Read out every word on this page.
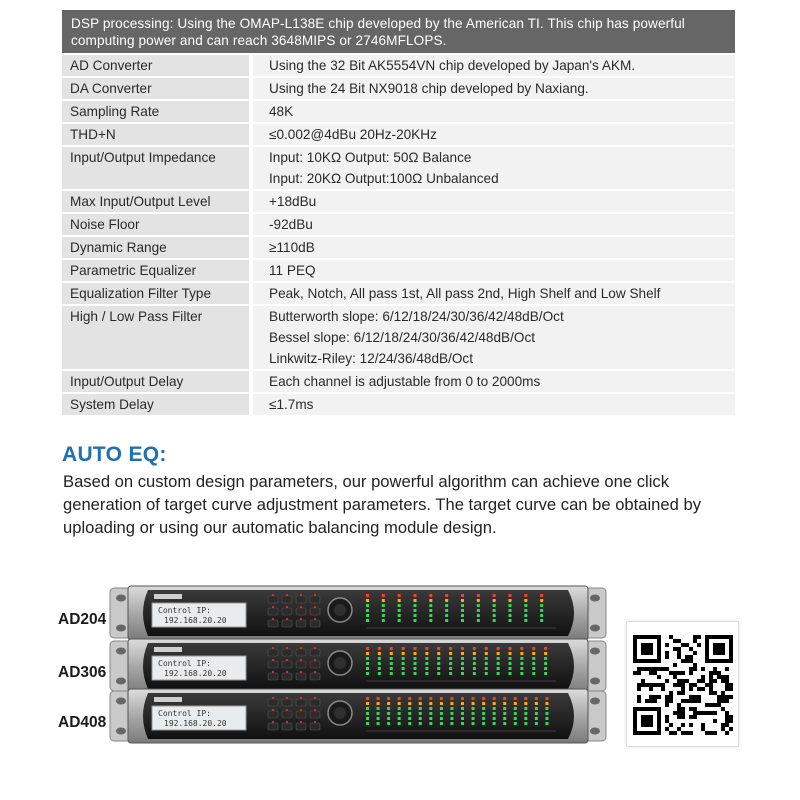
DSP processing: Using the OMAP-L138E chip developed by the American TI. This chip has powerful computing power and can reach 3648MIPS or 2746MFLOPS.
AD Converter	Using the 32 Bit AK5554VN chip developed by Japan's AKM.
DA Converter	Using the 24 Bit NX9018 chip developed by Naxiang.
Sampling Rate	48K
THD+N	≤0.002@4dBu 20Hz-20KHz
Input/Output Impedance	Input: 10KΩ Output: 50Ω Balance
Input: 20KΩ Output:100Ω Unbalanced
Max Input/Output Level	+18dBu
Noise Floor	-92dBu
Dynamic Range	≥110dB
Parametric Equalizer	11 PEQ
Equalization Filter Type	Peak, Notch, All pass 1st, All pass 2nd, High Shelf and Low Shelf
High / Low Pass Filter	Butterworth slope: 6/12/18/24/30/36/42/48dB/Oct
Bessel slope: 6/12/18/24/30/36/42/48dB/Oct
Linkwitz-Riley: 12/24/36/48dB/Oct
Input/Output Delay	Each channel is adjustable from 0 to 2000ms
System Delay	≤1.7ms
AUTO EQ:
Based on custom design parameters, our powerful algorithm can achieve one click generation of target curve adjustment parameters. The target curve can be obtained by uploading or using our automatic balancing module design.
AD204
AD306
AD408
Control IP:
192.168.20.20
Control IP:
192.168.20.20
Control IP:
192.168.20.20
